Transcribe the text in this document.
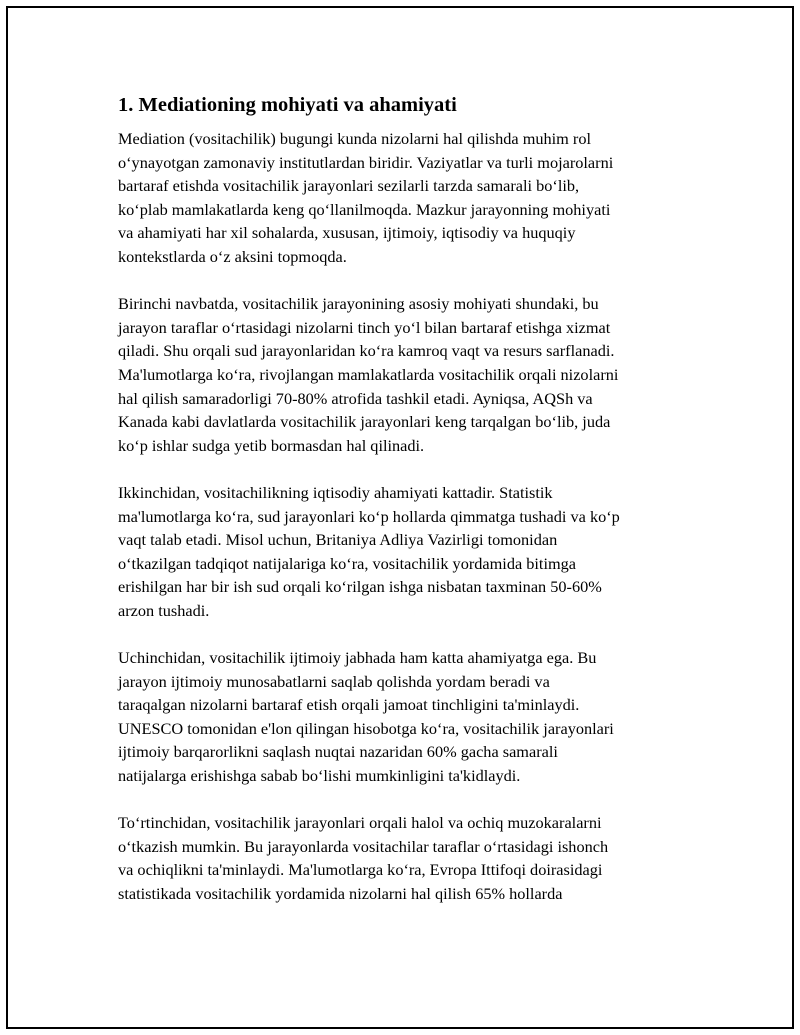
1. Mediationing mohiyati va ahamiyati

Mediation (vositachilik) bugungi kunda nizolarni hal qilishda muhim rol
o‘ynayotgan zamonaviy institutlardan biridir. Vaziyatlar va turli mojarolarni
bartaraf etishda vositachilik jarayonlari sezilarli tarzda samarali bo‘lib,
ko‘plab mamlakatlarda keng qo‘llanilmoqda. Mazkur jarayonning mohiyati
va ahamiyati har xil sohalarda, xususan, ijtimoiy, iqtisodiy va huquqiy
kontekstlarda o‘z aksini topmoqda.

Birinchi navbatda, vositachilik jarayonining asosiy mohiyati shundaki, bu
jarayon taraflar o‘rtasidagi nizolarni tinch yo‘l bilan bartaraf etishga xizmat
qiladi. Shu orqali sud jarayonlaridan ko‘ra kamroq vaqt va resurs sarflanadi.
Ma'lumotlarga ko‘ra, rivojlangan mamlakatlarda vositachilik orqali nizolarni
hal qilish samaradorligi 70-80% atrofida tashkil etadi. Ayniqsa, AQSh va
Kanada kabi davlatlarda vositachilik jarayonlari keng tarqalgan bo‘lib, juda
ko‘p ishlar sudga yetib bormasdan hal qilinadi.

Ikkinchidan, vositachilikning iqtisodiy ahamiyati kattadir. Statistik
ma'lumotlarga ko‘ra, sud jarayonlari ko‘p hollarda qimmatga tushadi va ko‘p
vaqt talab etadi. Misol uchun, Britaniya Adliya Vazirligi tomonidan
o‘tkazilgan tadqiqot natijalariga ko‘ra, vositachilik yordamida bitimga
erishilgan har bir ish sud orqali ko‘rilgan ishga nisbatan taxminan 50-60%
arzon tushadi.

Uchinchidan, vositachilik ijtimoiy jabhada ham katta ahamiyatga ega. Bu
jarayon ijtimoiy munosabatlarni saqlab qolishda yordam beradi va
taraqalgan nizolarni bartaraf etish orqali jamoat tinchligini ta'minlaydi.
UNESCO tomonidan e'lon qilingan hisobotga ko‘ra, vositachilik jarayonlari
ijtimoiy barqarorlikni saqlash nuqtai nazaridan 60% gacha samarali
natijalarga erishishga sabab bo‘lishi mumkinligini ta'kidlaydi.

To‘rtinchidan, vositachilik jarayonlari orqali halol va ochiq muzokaralarni
o‘tkazish mumkin. Bu jarayonlarda vositachilar taraflar o‘rtasidagi ishonch
va ochiqlikni ta'minlaydi. Ma'lumotlarga ko‘ra, Evropa Ittifoqi doirasidagi
statistikada vositachilik yordamida nizolarni hal qilish 65% hollarda
